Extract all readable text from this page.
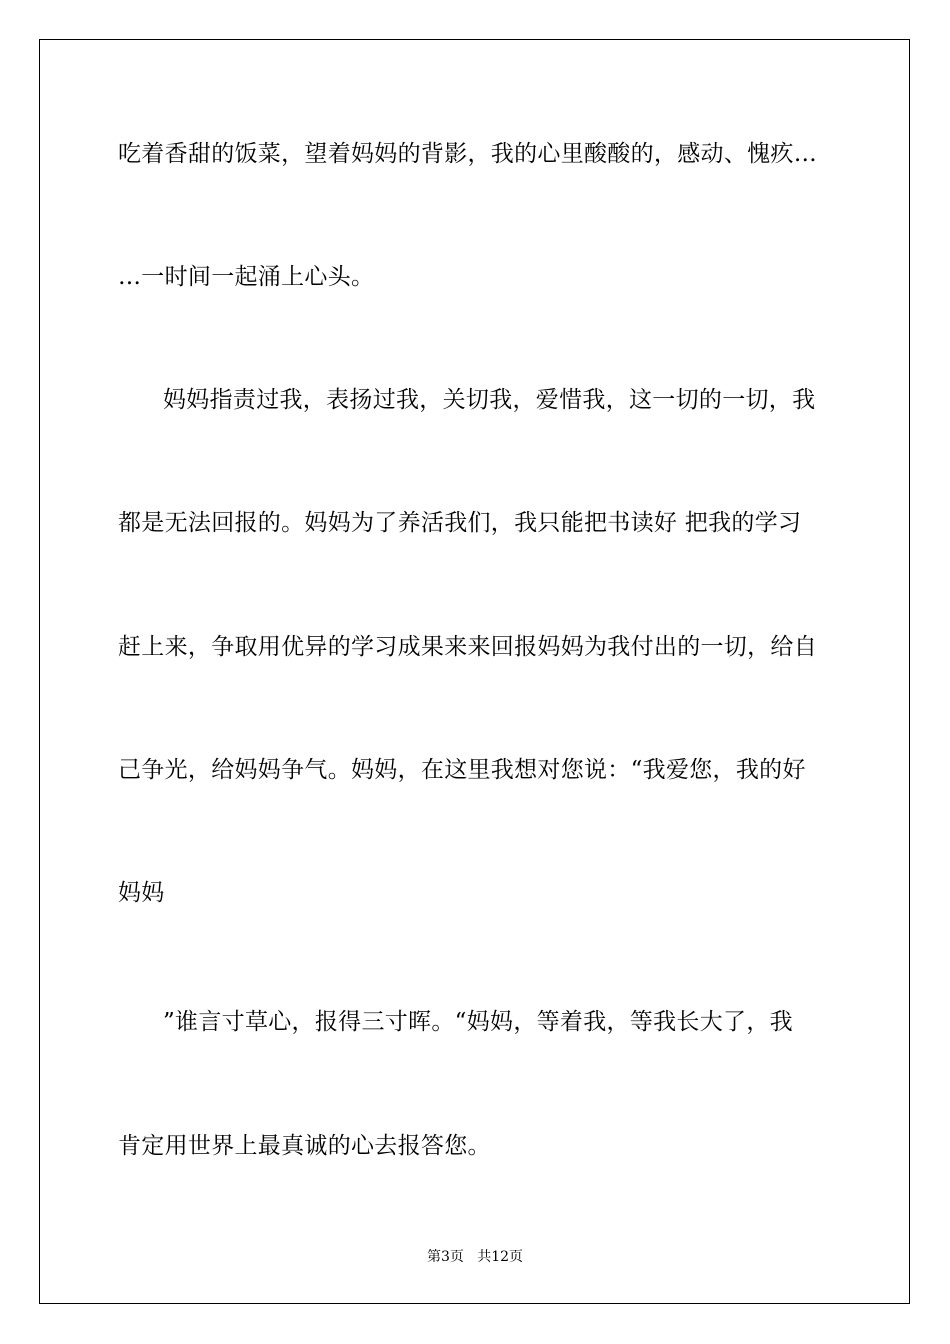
吃着香甜的饭菜，望着妈妈的背影，我的心里酸酸的，感动、愧疚…
…一时间一起涌上心头。
妈妈指责过我，表扬过我，关切我，爱惜我，这一切的一切，我
都是无法回报的。妈妈为了养活我们，我只能把书读好 把我的学习
赶上来，争取用优异的学习成果来来回报妈妈为我付出的一切，给自
己争光，给妈妈争气。妈妈，在这里我想对您说：“我爱您，我的好
妈妈
”谁言寸草心，报得三寸晖。“妈妈，等着我，等我长大了，我
肯定用世界上最真诚的心去报答您。
第3页   共12页
